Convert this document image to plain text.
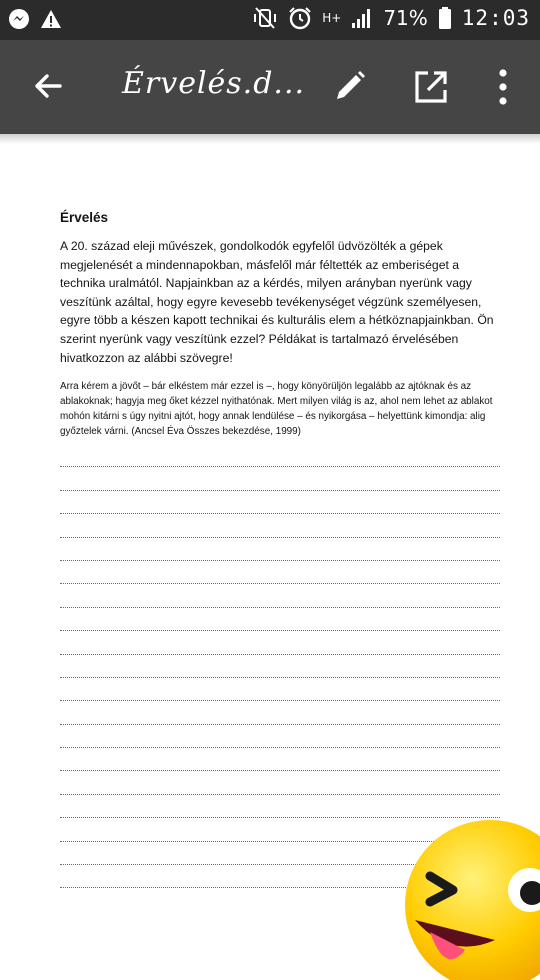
H+ 71% 12:03
Érvelés.d...
Érvelés

A 20. század eleji művészek, gondolkodók egyfelől üdvözölték a gépek megjelenését a mindennapokban, másfelől már féltették az emberiséget a technika uralmától. Napjainkban az a kérdés, milyen arányban nyerünk vagy veszítünk azáltal, hogy egyre kevesebb tevékenységet végzünk személyesen, egyre több a készen kapott technikai és kulturális elem a hétköznapjainkban. Ön szerint nyerünk vagy veszítünk ezzel? Példákat is tartalmazó érvelésében hivatkozzon az alábbi szövegre!

Arra kérem a jövőt – bár elkéstem már ezzel is –, hogy könyörüljön legalább az ajtóknak és az ablakoknak; hagyja meg őket kézzel nyithatónak. Mert milyen világ is az, ahol nem lehet az ablakot mohón kitárni s úgy nyitni ajtót, hogy annak lendülése – és nyikorgása – helyettünk kimondja: alig győztelek várni. (Ancsel Éva Összes bekezdése, 1999)
